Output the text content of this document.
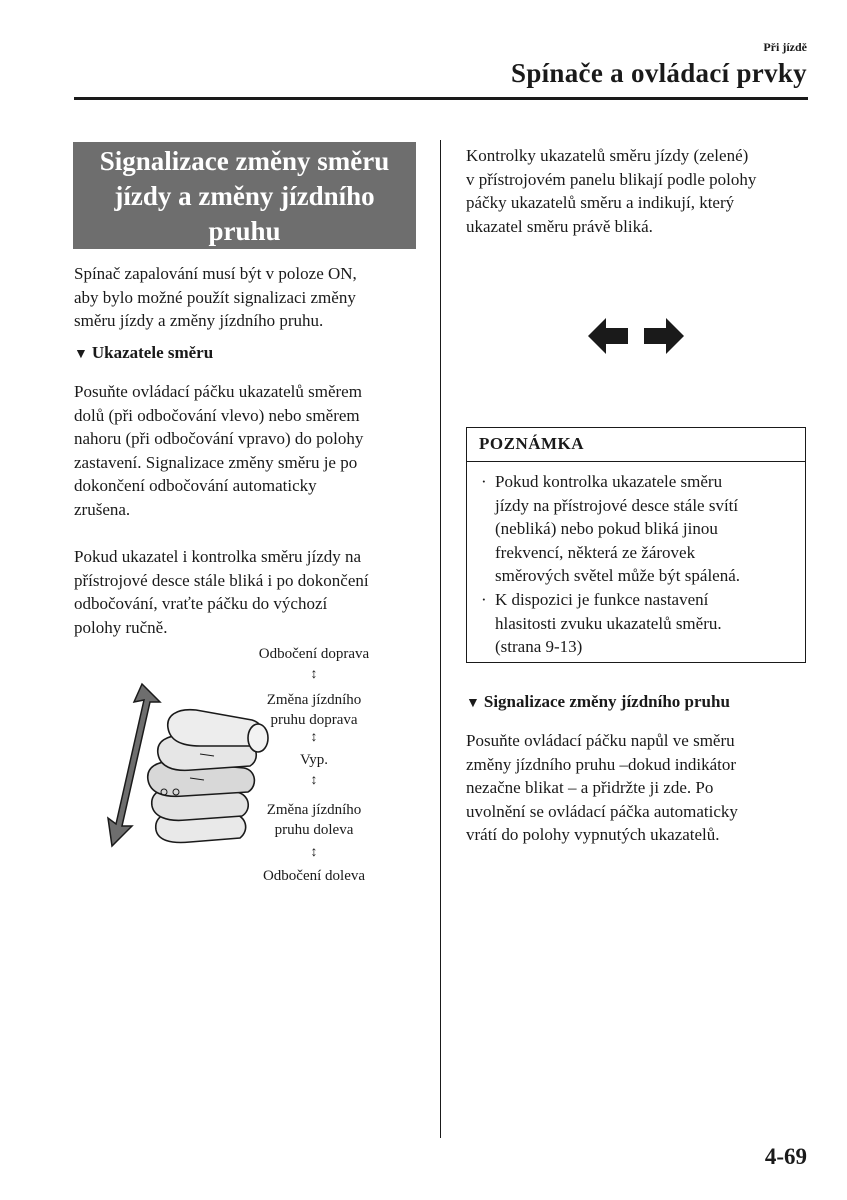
Při jízdě
Spínače a ovládací prvky
Signalizace změny směru
jízdy a změny jízdního
pruhu

Spínač zapalování musí být v poloze ON,
aby bylo možné použít signalizaci změny
směru jízdy a změny jízdního pruhu.

▼ Ukazatele směru

Posuňte ovládací páčku ukazatelů směrem
dolů (při odbočování vlevo) nebo směrem
nahoru (při odbočování vpravo) do polohy
zastavení. Signalizace změny směru je po
dokončení odbočování automaticky
zrušena.

Pokud ukazatel i kontrolka směru jízdy na
přístrojové desce stále bliká i po dokončení
odbočování, vraťte páčku do výchozí
polohy ručně.

Odbočení doprava
↕
Změna jízdního
pruhu doprava
↕
Vyp.
↕
Změna jízdního
pruhu doleva
↕
Odbočení doleva

Kontrolky ukazatelů směru jízdy (zelené)
v přístrojovém panelu blikají podle polohy
páčky ukazatelů směru a indikují, který
ukazatel směru právě bliká.

POZNÁMKA
· Pokud kontrolka ukazatele směru
jízdy na přístrojové desce stále svítí
(nebliká) nebo pokud bliká jinou
frekvencí, některá ze žárovek
směrových světel může být spálená.
· K dispozici je funkce nastavení
hlasitosti zvuku ukazatelů směru.
(strana 9-13)
▼ Signalizace změny jízdního pruhu

Posuňte ovládací páčku napůl ve směru
změny jízdního pruhu –dokud indikátor
nezačne blikat – a přidržte ji zde. Po
uvolnění se ovládací páčka automaticky
vrátí do polohy vypnutých ukazatelů.

4-69
